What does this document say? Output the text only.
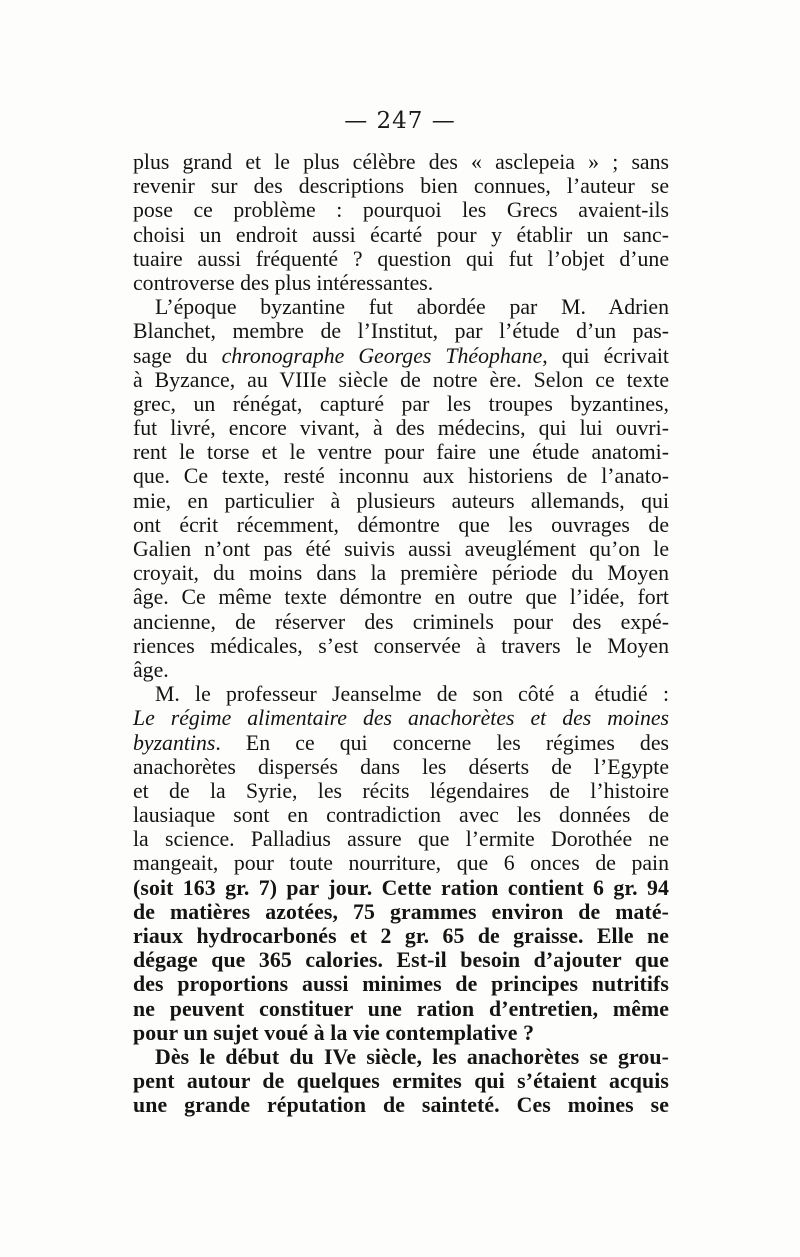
— 247 —
plus grand et le plus célèbre des « asclepeia » ; sans
revenir sur des descriptions bien connues, l’auteur se
pose ce problème : pourquoi les Grecs avaient-ils
choisi un endroit aussi écarté pour y établir un sanc-
tuaire aussi fréquenté ? question qui fut l’objet d’une
controverse des plus intéressantes.
L’époque byzantine fut abordée par M. Adrien
Blanchet, membre de l’Institut, par l’étude d’un pas-
sage du chronographe Georges Théophane, qui écrivait
à Byzance, au VIIIe siècle de notre ère. Selon ce texte
grec, un rénégat, capturé par les troupes byzantines,
fut livré, encore vivant, à des médecins, qui lui ouvri-
rent le torse et le ventre pour faire une étude anatomi-
que. Ce texte, resté inconnu aux historiens de l’anato-
mie, en particulier à plusieurs auteurs allemands, qui
ont écrit récemment, démontre que les ouvrages de
Galien n’ont pas été suivis aussi aveuglément qu’on le
croyait, du moins dans la première période du Moyen
âge. Ce même texte démontre en outre que l’idée, fort
ancienne, de réserver des criminels pour des expé-
riences médicales, s’est conservée à travers le Moyen
âge.
M. le professeur Jeanselme de son côté a étudié :
Le régime alimentaire des anachorètes et des moines
byzantins. En ce qui concerne les régimes des
anachorètes dispersés dans les déserts de l’Egypte
et de la Syrie, les récits légendaires de l’histoire
lausiaque sont en contradiction avec les données de
la science. Palladius assure que l’ermite Dorothée ne
mangeait, pour toute nourriture, que 6 onces de pain
(soit 163 gr. 7) par jour. Cette ration contient 6 gr. 94
de matières azotées, 75 grammes environ de maté-
riaux hydrocarbonés et 2 gr. 65 de graisse. Elle ne
dégage que 365 calories. Est-il besoin d’ajouter que
des proportions aussi minimes de principes nutritifs
ne peuvent constituer une ration d’entretien, même
pour un sujet voué à la vie contemplative ?
Dès le début du IVe siècle, les anachorètes se grou-
pent autour de quelques ermites qui s’étaient acquis
une grande réputation de sainteté. Ces moines se
